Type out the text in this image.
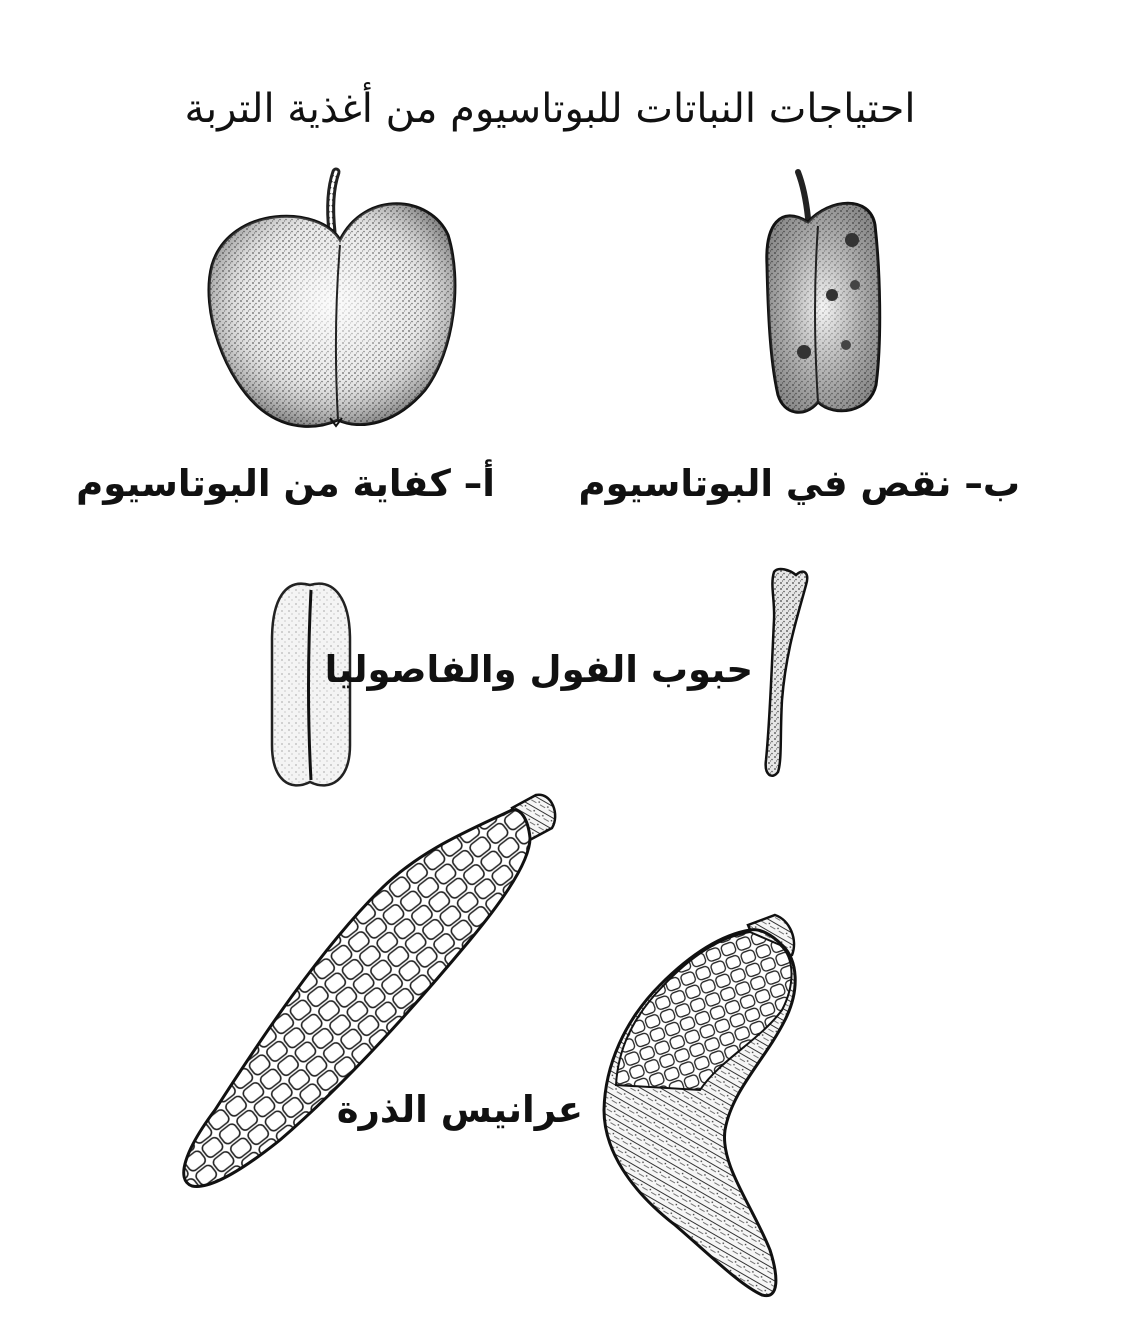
احتياجات النباتات للبوتاسيوم من أغذية التربة
أ– كفاية من البوتاسيوم ب– نقص في البوتاسيوم
حبوب الفول والفاصوليا
عرانيس الذرة
